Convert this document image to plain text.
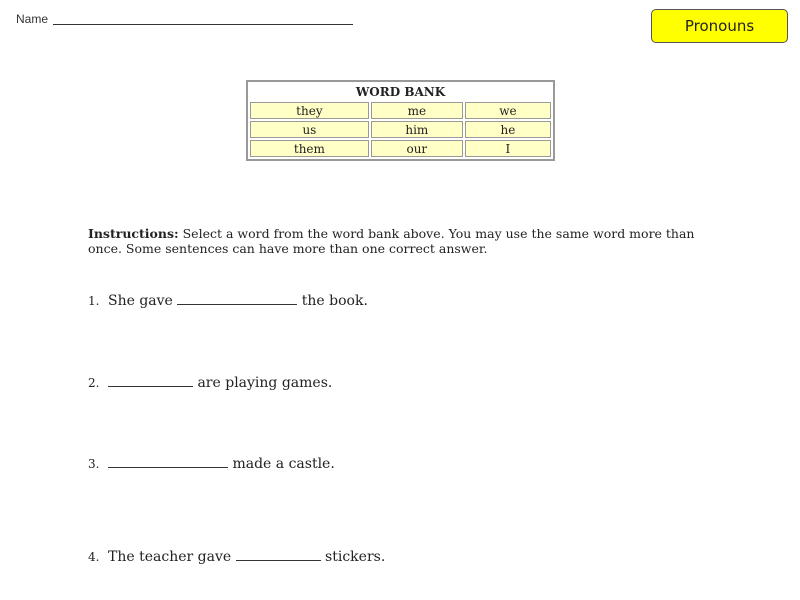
Name	Pronouns
WORD BANK		
they	me	we
us	him	he
them	our	I
Instructions: Select a word from the word bank above. You may use the same word more than once. Some sentences can have more than one correct answer.
1. She gave	the book.
2.	are playing games.
3.	made a castle.
4. The teacher gave	stickers.
